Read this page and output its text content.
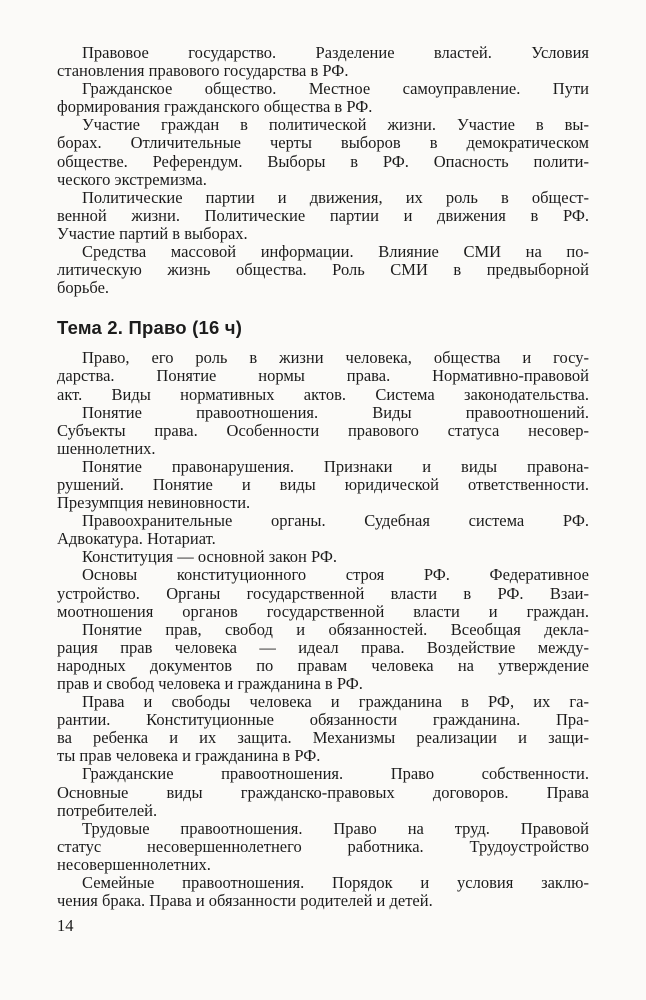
Правовое государство. Разделение властей. Условия
становления правового государства в РФ.
Гражданское общество. Местное самоуправление. Пути
формирования гражданского общества в РФ.
Участие граждан в политической жизни. Участие в вы-
борах. Отличительные черты выборов в демократическом
обществе. Референдум. Выборы в РФ. Опасность полити-
ческого экстремизма.
Политические партии и движения, их роль в общест-
венной жизни. Политические партии и движения в РФ.
Участие партий в выборах.
Средства массовой информации. Влияние СМИ на по-
литическую жизнь общества. Роль СМИ в предвыборной
борьбе.
Тема 2. Право (16 ч)
Право, его роль в жизни человека, общества и госу-
дарства. Понятие нормы права. Нормативно-правовой
акт. Виды нормативных актов. Система законодательства.
Понятие правоотношения. Виды правоотношений.
Субъекты права. Особенности правового статуса несовер-
шеннолетних.
Понятие правонарушения. Признаки и виды правона-
рушений. Понятие и виды юридической ответственности.
Презумпция невиновности.
Правоохранительные органы. Судебная система РФ.
Адвокатура. Нотариат.
Конституция — основной закон РФ.
Основы конституционного строя РФ. Федеративное
устройство. Органы государственной власти в РФ. Взаи-
моотношения органов государственной власти и граждан.
Понятие прав, свобод и обязанностей. Всеобщая декла-
рация прав человека — идеал права. Воздействие между-
народных документов по правам человека на утверждение
прав и свобод человека и гражданина в РФ.
Права и свободы человека и гражданина в РФ, их га-
рантии. Конституционные обязанности гражданина. Пра-
ва ребенка и их защита. Механизмы реализации и защи-
ты прав человека и гражданина в РФ.
Гражданские правоотношения. Право собственности.
Основные виды гражданско-правовых договоров. Права
потребителей.
Трудовые правоотношения. Право на труд. Правовой
статус несовершеннолетнего работника. Трудоустройство
несовершеннолетних.
Семейные правоотношения. Порядок и условия заклю-
чения брака. Права и обязанности родителей и детей.
14
